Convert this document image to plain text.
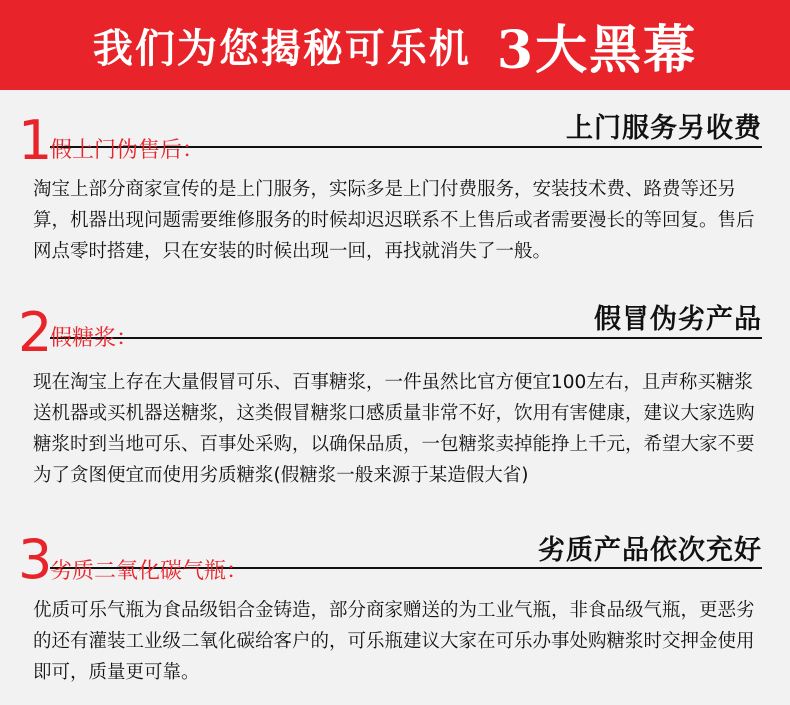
我们为您揭秘可乐机 3大黑幕
上门服务另收费
1
假上门伪售后：
淘宝上部分商家宣传的是上门服务，实际多是上门付费服务，安装技术费、路费等还另算，机器出现问题需要维修服务的时候却迟迟联系不上售后或者需要漫长的等回复。售后网点零时搭建，只在安装的时候出现一回，再找就消失了一般。
假冒伪劣产品
2
假糖浆：
现在淘宝上存在大量假冒可乐、百事糖浆，一件虽然比官方便宜100左右，且声称买糖浆送机器或买机器送糖浆，这类假冒糖浆口感质量非常不好，饮用有害健康，建议大家选购糖浆时到当地可乐、百事处采购，以确保品质，一包糖浆卖掉能挣上千元，希望大家不要为了贪图便宜而使用劣质糖浆(假糖浆一般来源于某造假大省)
劣质产品依次充好
3
劣质二氧化碳气瓶：
优质可乐气瓶为食品级铝合金铸造，部分商家赠送的为工业气瓶，非食品级气瓶，更恶劣的还有灌装工业级二氧化碳给客户的，可乐瓶建议大家在可乐办事处购糖浆时交押金使用即可，质量更可靠。
